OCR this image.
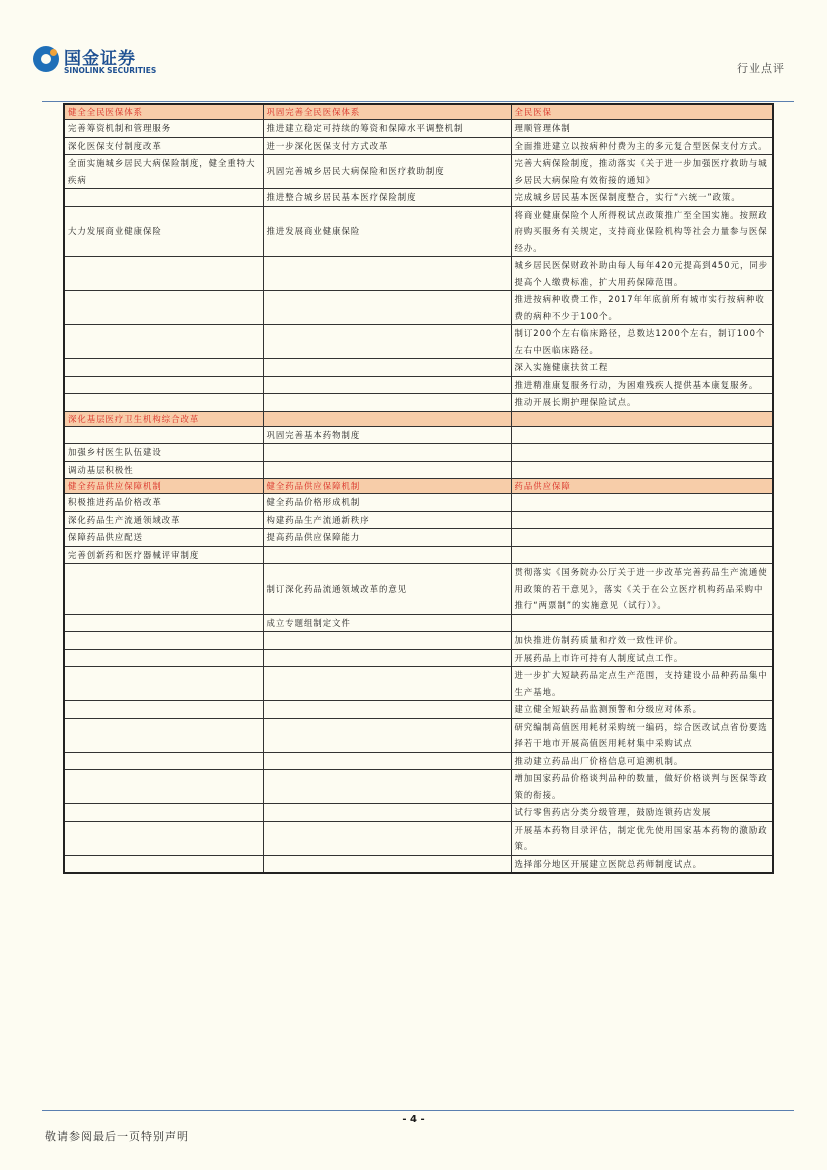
国金证券
SINOLINK SECURITIES	行业点评
健全全民医保体系	巩固完善全民医保体系	全民医保
完善筹资机制和管理服务	推进建立稳定可持续的筹资和保障水平调整机制	理顺管理体制
深化医保支付制度改革	进一步深化医保支付方式改革	全面推进建立以按病种付费为主的多元复合型医保支付方式。
全面实施城乡居民大病保险制度，健全重特大疾病	巩固完善城乡居民大病保险和医疗救助制度	完善大病保险制度，推动落实《关于进一步加强医疗救助与城乡居民大病保险有效衔接的通知》
	推进整合城乡居民基本医疗保险制度	完成城乡居民基本医保制度整合，实行“六统一”政策。
大力发展商业健康保险	推进发展商业健康保险	将商业健康保险个人所得税试点政策推广至全国实施。按照政府购买服务有关规定，支持商业保险机构等社会力量参与医保经办。
		城乡居民医保财政补助由每人每年420元提高到450元，同步提高个人缴费标准，扩大用药保障范围。
		推进按病种收费工作，2017年年底前所有城市实行按病种收费的病种不少于100个。
		制订200个左右临床路径，总数达1200个左右，制订100个左右中医临床路径。
		深入实施健康扶贫工程
		推进精准康复服务行动，为困难残疾人提供基本康复服务。
		推动开展长期护理保险试点。
深化基层医疗卫生机构综合改革		
	巩固完善基本药物制度	
加强乡村医生队伍建设		
调动基层积极性		
健全药品供应保障机制	健全药品供应保障机制	药品供应保障
积极推进药品价格改革	健全药品价格形成机制	
深化药品生产流通领域改革	构建药品生产流通新秩序	
保障药品供应配送	提高药品供应保障能力	
完善创新药和医疗器械评审制度		
	制订深化药品流通领域改革的意见	贯彻落实《国务院办公厅关于进一步改革完善药品生产流通使用政策的若干意见》，落实《关于在公立医疗机构药品采购中推行“两票制”的实施意见（试行）》。
	成立专题组制定文件	
		加快推进仿制药质量和疗效一致性评价。
		开展药品上市许可持有人制度试点工作。
		进一步扩大短缺药品定点生产范围，支持建设小品种药品集中生产基地。
		建立健全短缺药品监测预警和分级应对体系。
		研究编制高值医用耗材采购统一编码，综合医改试点省份要选择若干地市开展高值医用耗材集中采购试点
		推动建立药品出厂价格信息可追溯机制。
		增加国家药品价格谈判品种的数量，做好价格谈判与医保等政策的衔接。
		试行零售药店分类分级管理，鼓励连锁药店发展
		开展基本药物目录评估，制定优先使用国家基本药物的激励政策。
		选择部分地区开展建立医院总药师制度试点。
- 4 -
敬请参阅最后一页特别声明
